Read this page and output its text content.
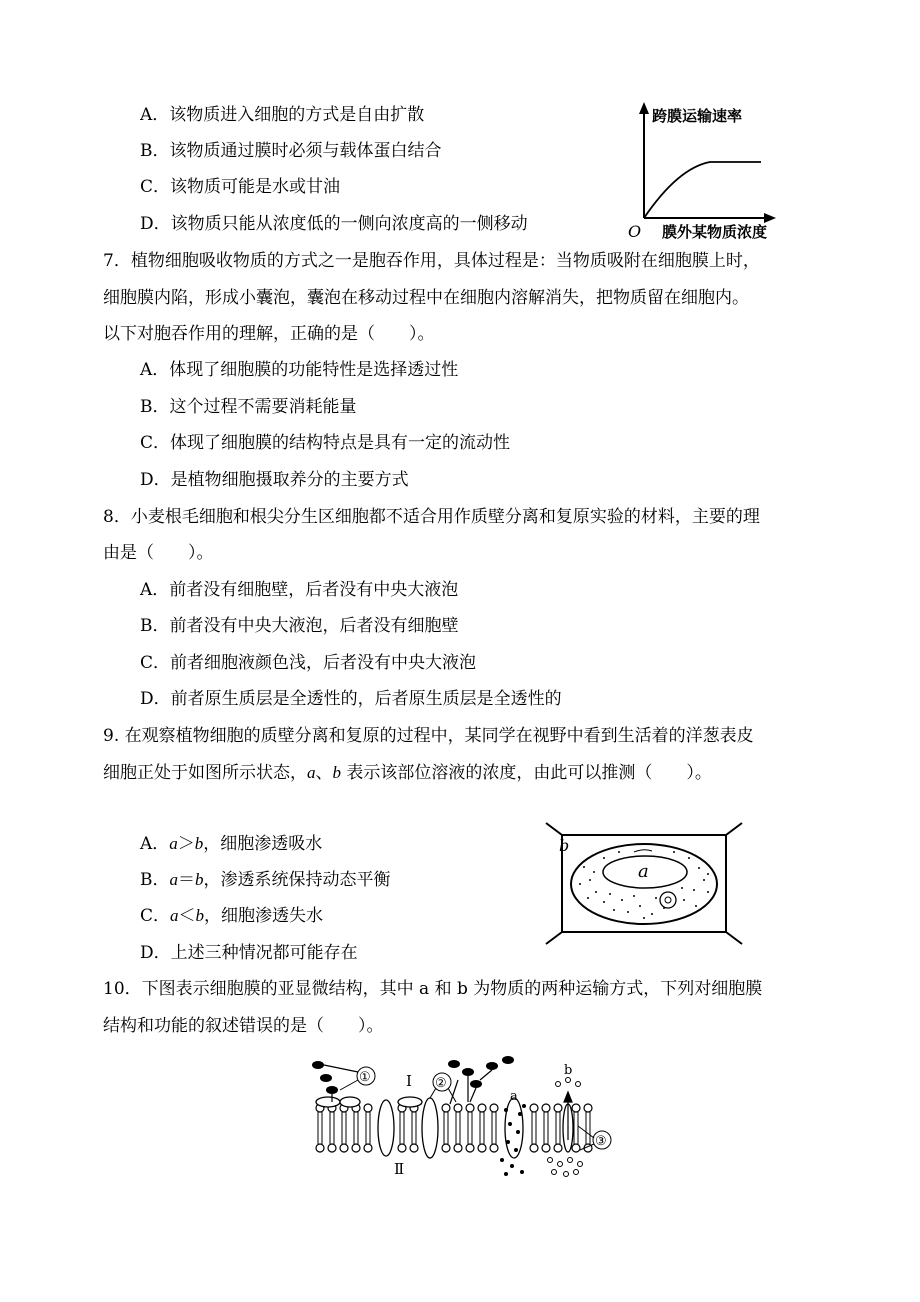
A．该物质进入细胞的方式是自由扩散
B．该物质通过膜时必须与载体蛋白结合
C．该物质可能是水或甘油
D．该物质只能从浓度低的一侧向浓度高的一侧移动
跨膜运输速率
膜外某物质浓度
O
7．植物细胞吸收物质的方式之一是胞吞作用，具体过程是：当物质吸附在细胞膜上时，
细胞膜内陷，形成小囊泡，囊泡在移动过程中在细胞内溶解消失，把物质留在细胞内。
以下对胞吞作用的理解，正确的是（　　）。
A．体现了细胞膜的功能特性是选择透过性
B．这个过程不需要消耗能量
C．体现了细胞膜的结构特点是具有一定的流动性
D．是植物细胞摄取养分的主要方式
8．小麦根毛细胞和根尖分生区细胞都不适合用作质壁分离和复原实验的材料，主要的理
由是（　　）。
A．前者没有细胞壁，后者没有中央大液泡
B．前者没有中央大液泡，后者没有细胞壁
C．前者细胞液颜色浅，后者没有中央大液泡
D．前者原生质层是全透性的，后者原生质层是全透性的
9. 在观察植物细胞的质壁分离和复原的过程中，某同学在视野中看到生活着的洋葱表皮
细胞正处于如图所示状态，a、b 表示该部位溶液的浓度，由此可以推测（　　）。
A．a＞b，细胞渗透吸水
B．a＝b，渗透系统保持动态平衡
C．a＜b，细胞渗透失水
D．上述三种情况都可能存在
a
b
10．下图表示细胞膜的亚显微结构，其中 a 和 b 为物质的两种运输方式，下列对细胞膜
结构和功能的叙述错误的是（　　）。
①	②
③
Ⅰ
Ⅱ
a
b
